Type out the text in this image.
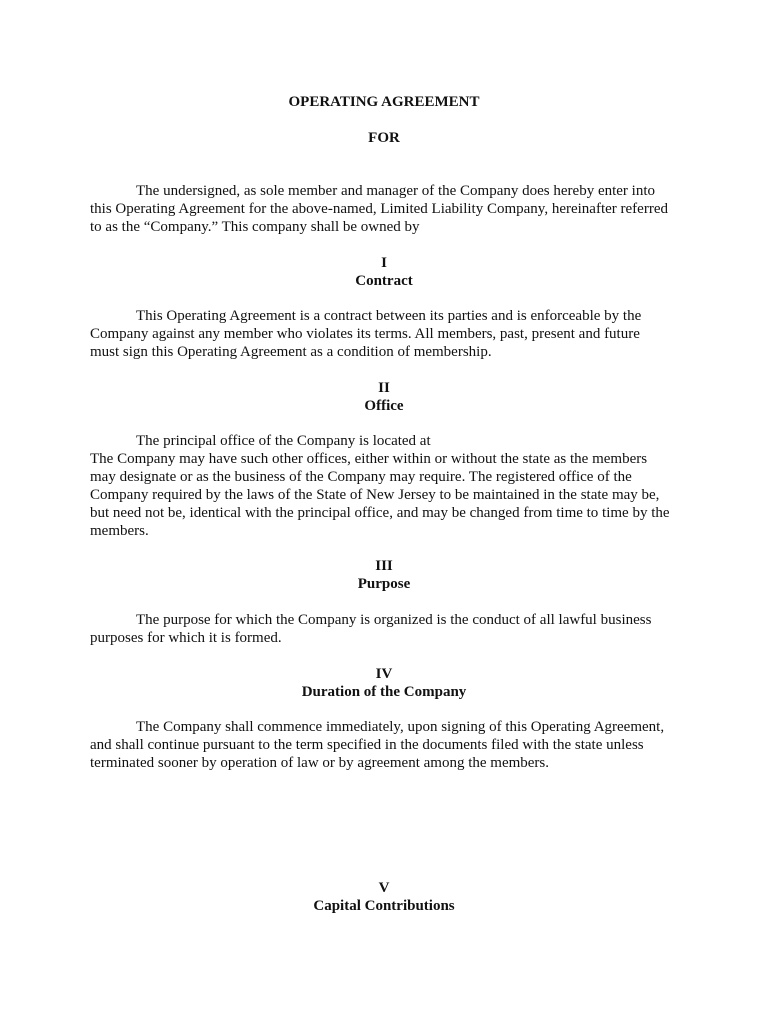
OPERATING AGREEMENT
FOR
The undersigned, as sole member and manager of the Company does hereby enter into
this Operating Agreement for the above-named, Limited Liability Company, hereinafter referred
to as the “Company.” This company shall be owned by
I
Contract
This Operating Agreement is a contract between its parties and is enforceable by the
Company against any member who violates its terms. All members, past, present and future
must sign this Operating Agreement as a condition of membership.
II
Office
The principal office of the Company is located at
The Company may have such other offices, either within or without the state as the members
may designate or as the business of the Company may require. The registered office of the
Company required by the laws of the State of New Jersey to be maintained in the state may be,
but need not be, identical with the principal office, and may be changed from time to time by the
members.
III
Purpose
The purpose for which the Company is organized is the conduct of all lawful business
purposes for which it is formed.
IV
Duration of the Company
The Company shall commence immediately, upon signing of this Operating Agreement,
and shall continue pursuant to the term specified in the documents filed with the state unless
terminated sooner by operation of law or by agreement among the members.
V
Capital Contributions
